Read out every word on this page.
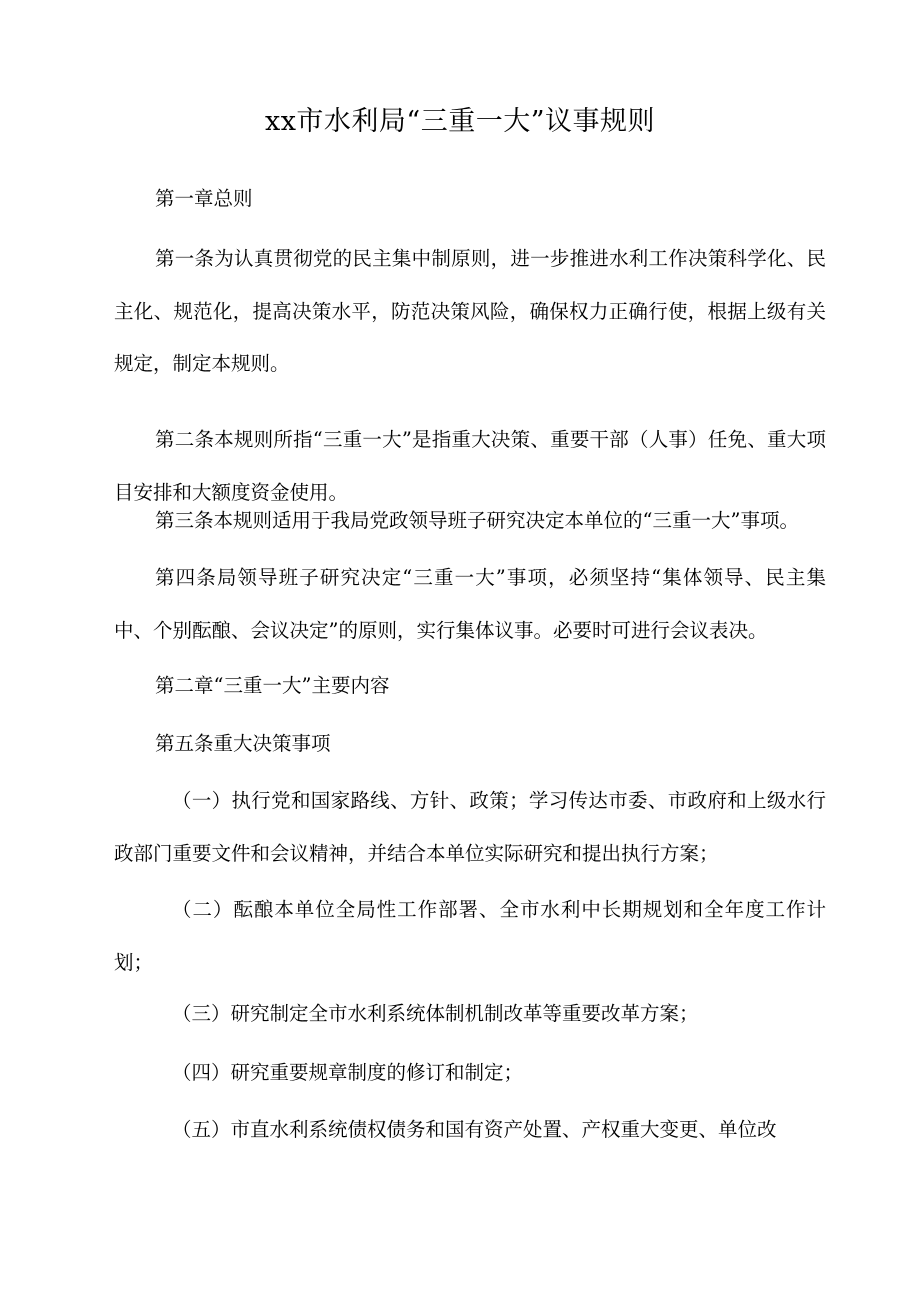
xx市水利局“三重一大”议事规则

第一章总则

第一条为认真贯彻党的民主集中制原则，进一步推进水利工作决策科学化、民主化、规范化，提高决策水平，防范决策风险，确保权力正确行使，根据上级有关规定，制定本规则。

第二条本规则所指“三重一大”是指重大决策、重要干部（人事）任免、重大项目安排和大额度资金使用。

第三条本规则适用于我局党政领导班子研究决定本单位的“三重一大”事项。

第四条局领导班子研究决定“三重一大”事项，必须坚持“集体领导、民主集中、个别酝酿、会议决定”的原则，实行集体议事。必要时可进行会议表决。

第二章“三重一大”主要内容

第五条重大决策事项

（一）执行党和国家路线、方针、政策；学习传达市委、市政府和上级水行政部门重要文件和会议精神，并结合本单位实际研究和提出执行方案；

（二）酝酿本单位全局性工作部署、全市水利中长期规划和全年度工作计划；

（三）研究制定全市水利系统体制机制改革等重要改革方案；

（四）研究重要规章制度的修订和制定；

（五）市直水利系统债权债务和国有资产处置、产权重大变更、单位改
